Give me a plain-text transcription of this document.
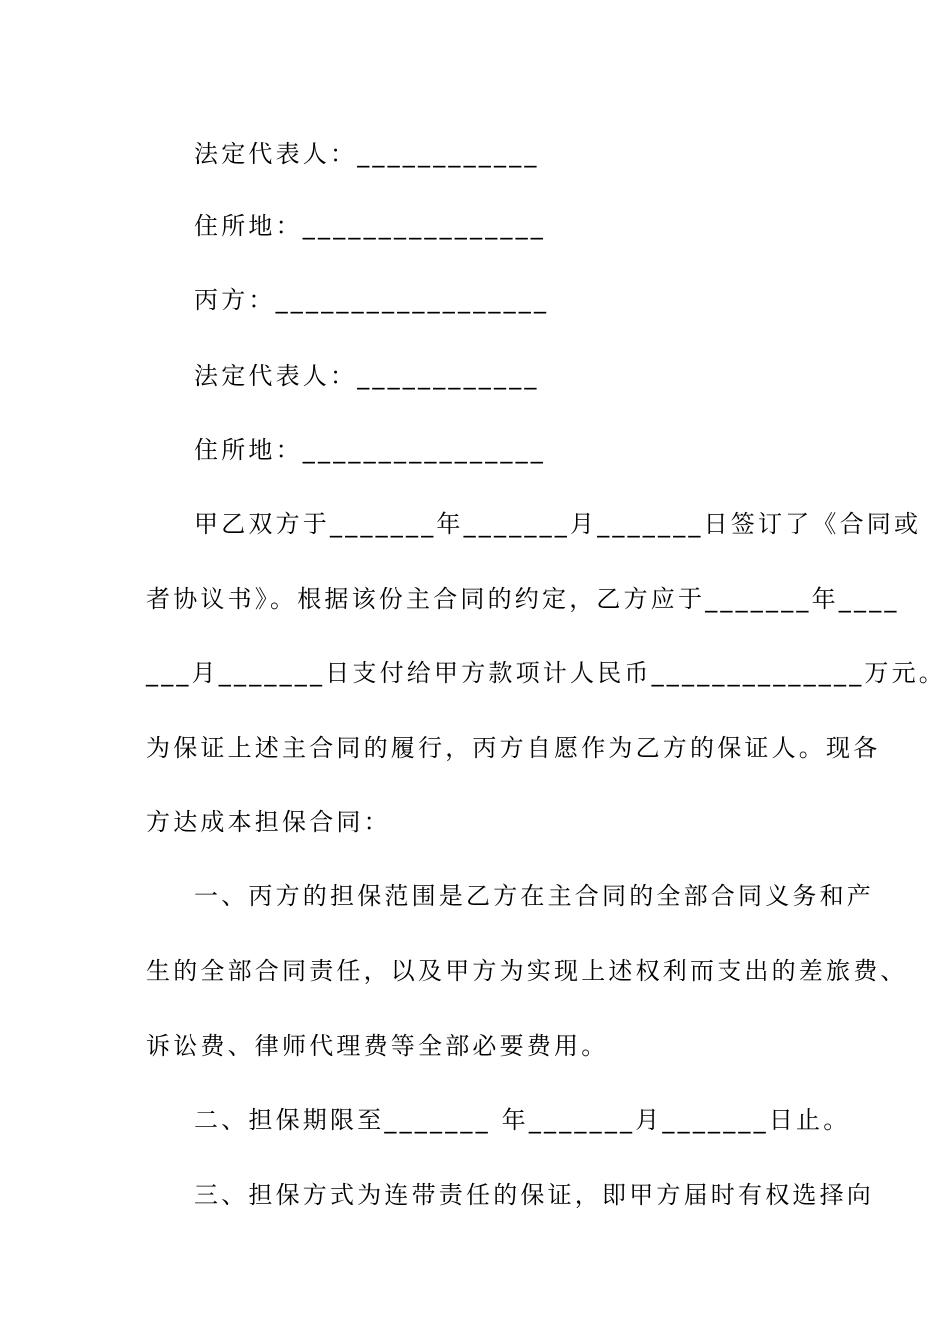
法定代表人：____________
住所地：________________
丙方：__________________
法定代表人：____________
住所地：________________
甲乙双方于_______年_______月_______日签订了《合同或
者协议书》。根据该份主合同的约定，乙方应于_______年____
___月_______日支付给甲方款项计人民币______________万元。
为保证上述主合同的履行，丙方自愿作为乙方的保证人。现各
方达成本担保合同：
一、丙方的担保范围是乙方在主合同的全部合同义务和产
生的全部合同责任，以及甲方为实现上述权利而支出的差旅费、
诉讼费、律师代理费等全部必要费用。
二、担保期限至_______ 年_______月_______日止。
三、担保方式为连带责任的保证，即甲方届时有权选择向
